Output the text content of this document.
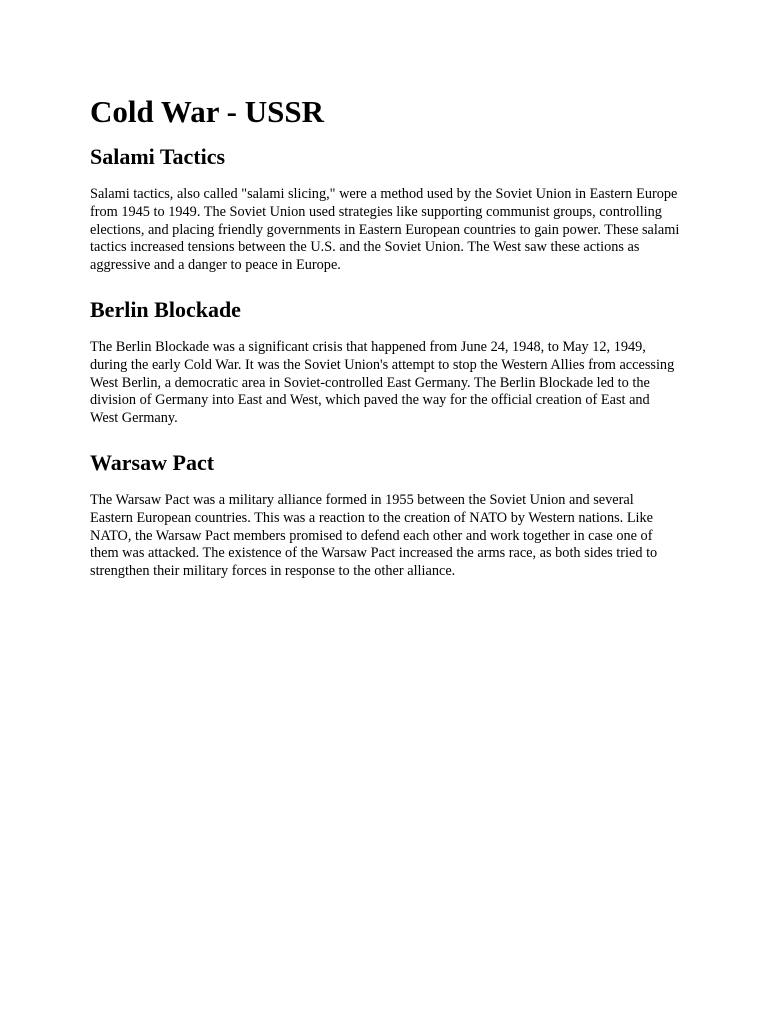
Cold War - USSR
Salami Tactics

Salami tactics, also called "salami slicing," were a method used by the Soviet Union in Eastern Europe from 1945 to 1949. The Soviet Union used strategies like supporting communist groups, controlling elections, and placing friendly governments in Eastern European countries to gain power. These salami tactics increased tensions between the U.S. and the Soviet Union. The West saw these actions as aggressive and a danger to peace in Europe.

Berlin Blockade

The Berlin Blockade was a significant crisis that happened from June 24, 1948, to May 12, 1949, during the early Cold War. It was the Soviet Union's attempt to stop the Western Allies from accessing West Berlin, a democratic area in Soviet-controlled East Germany. The Berlin Blockade led to the division of Germany into East and West, which paved the way for the official creation of East and West Germany.

Warsaw Pact

The Warsaw Pact was a military alliance formed in 1955 between the Soviet Union and several Eastern European countries. This was a reaction to the creation of NATO by Western nations. Like NATO, the Warsaw Pact members promised to defend each other and work together in case one of them was attacked. The existence of the Warsaw Pact increased the arms race, as both sides tried to strengthen their military forces in response to the other alliance.
